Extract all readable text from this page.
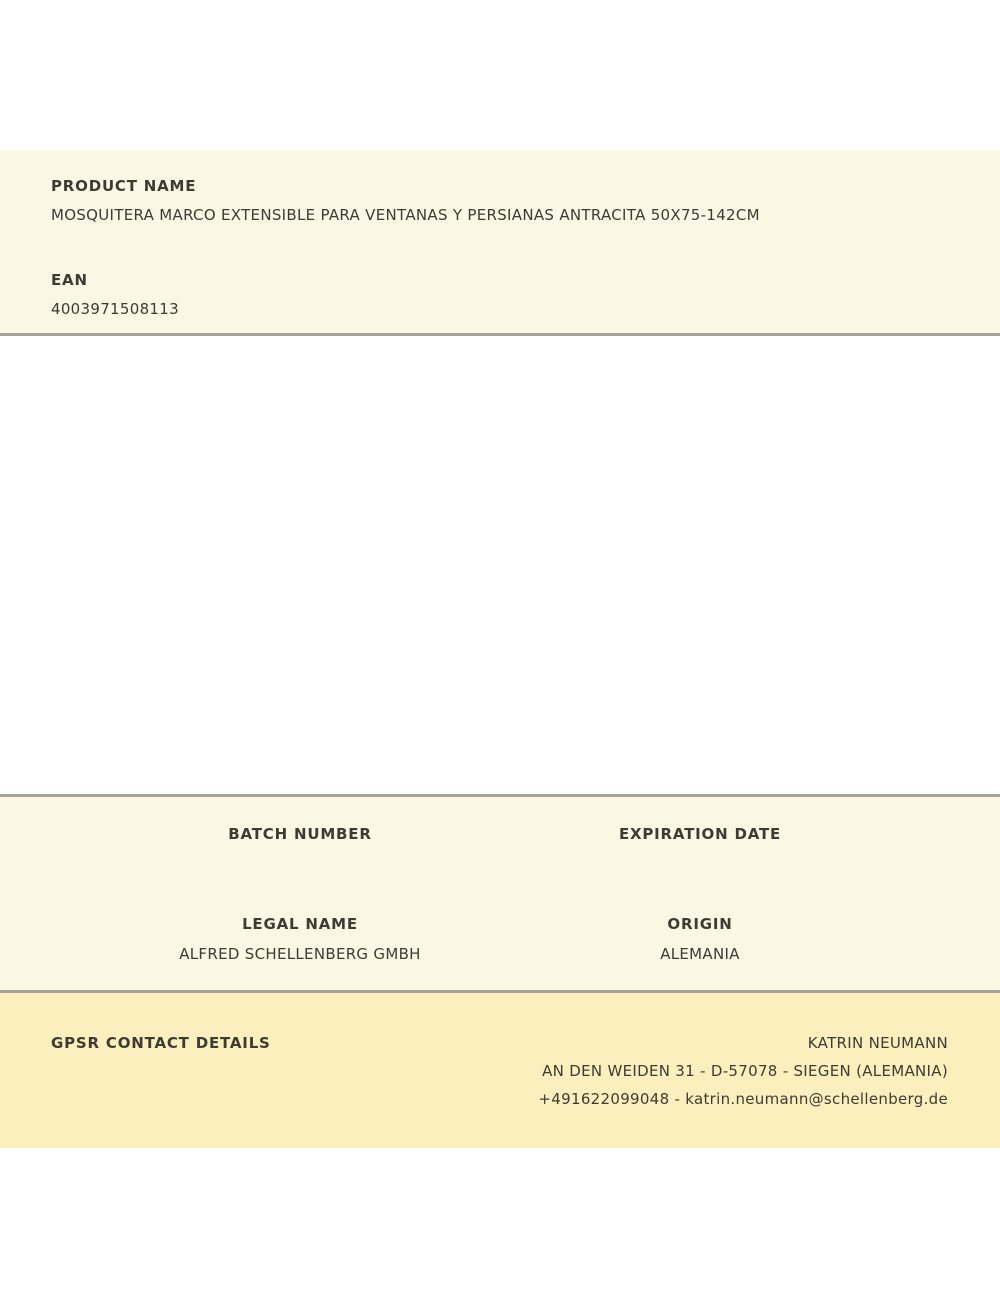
PRODUCT NAME
MOSQUITERA MARCO EXTENSIBLE PARA VENTANAS Y PERSIANAS ANTRACITA 50X75-142CM
EAN
4003971508113
BATCH NUMBER	EXPIRATION DATE
LEGAL NAME
ALFRED SCHELLENBERG GMBH
ORIGIN
ALEMANIA
GPSR CONTACT DETAILS	KATRIN NEUMANN
AN DEN WEIDEN 31 - D-57078 - SIEGEN (ALEMANIA)
+491622099048 - katrin.neumann@schellenberg.de
